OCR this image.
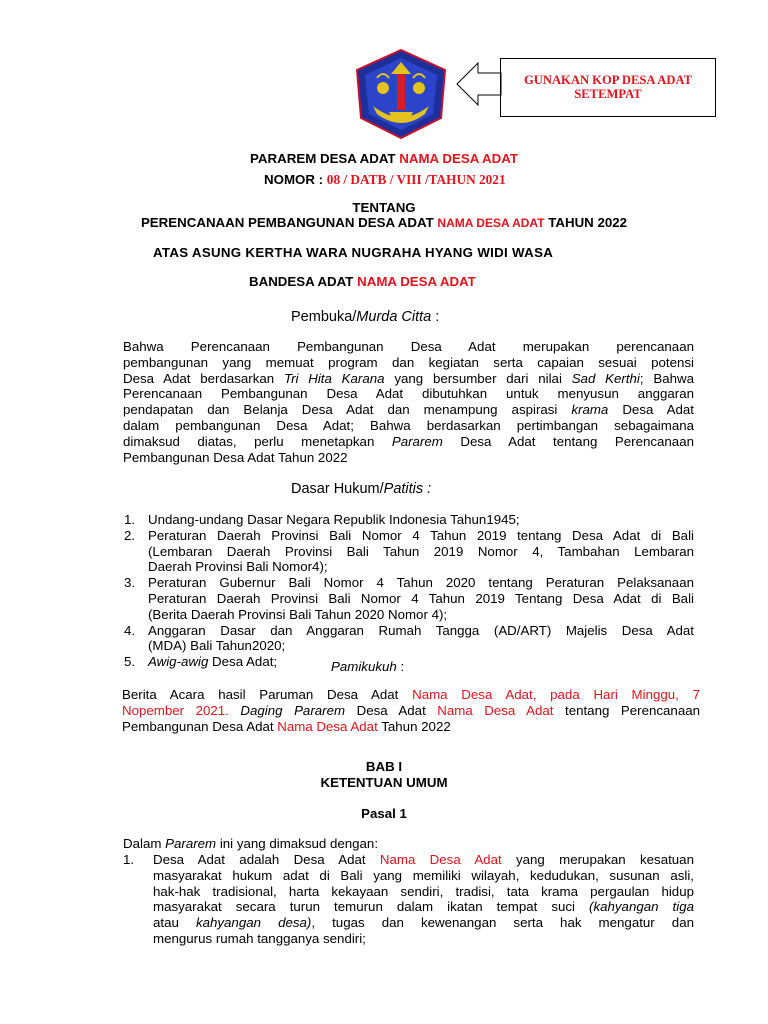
GUNAKAN KOP DESA ADAT
SETEMPAT
PARAREM DESA ADAT NAMA DESA ADAT
NOMOR : 08 / DATB / VIII /TAHUN 2021
TENTANG
PERENCANAAN PEMBANGUNAN DESA ADAT NAMA DESA ADAT TAHUN 2022
ATAS ASUNG KERTHA WARA NUGRAHA HYANG WIDI WASA
BANDESA ADAT NAMA DESA ADAT
Pembuka/Murda Citta :
Bahwa Perencanaan Pembangunan Desa Adat merupakan perencanaan
pembangunan yang memuat program dan kegiatan serta capaian sesuai potensi
Desa Adat berdasarkan Tri Hita Karana yang bersumber dari nilai Sad Kerthi; Bahwa
Perencanaan Pembangunan Desa Adat dibutuhkan untuk menyusun anggaran
pendapatan dan Belanja Desa Adat dan menampung aspirasi krama Desa Adat
dalam pembangunan Desa Adat; Bahwa berdasarkan pertimbangan sebagaimana
dimaksud diatas, perlu menetapkan Pararem Desa Adat tentang Perencanaan
Pembangunan Desa Adat Tahun 2022
Dasar Hukum/Patitis :
1. Undang-undang Dasar Negara Republik Indonesia Tahun1945;
2. Peraturan Daerah Provinsi Bali Nomor 4 Tahun 2019 tentang Desa Adat di Bali
(Lembaran Daerah Provinsi Bali Tahun 2019 Nomor 4, Tambahan Lembaran
Daerah Provinsi Bali Nomor4);
3. Peraturan Gubernur Bali Nomor 4 Tahun 2020 tentang Peraturan Pelaksanaan
Peraturan Daerah Provinsi Bali Nomor 4 Tahun 2019 Tentang Desa Adat di Bali
(Berita Daerah Provinsi Bali Tahun 2020 Nomor 4);
4. Anggaran Dasar dan Anggaran Rumah Tangga (AD/ART) Majelis Desa Adat
(MDA) Bali Tahun2020;
5. Awig-awig Desa Adat;	Pamikukuh :
Berita Acara hasil Paruman Desa Adat Nama Desa Adat, pada Hari Minggu, 7
Nopember 2021. Daging Pararem Desa Adat Nama Desa Adat tentang Perencanaan
Pembangunan Desa Adat Nama Desa Adat Tahun 2022
BAB I
KETENTUAN UMUM
Pasal 1
Dalam Pararem ini yang dimaksud dengan:
1. Desa Adat adalah Desa Adat Nama Desa Adat yang merupakan kesatuan
masyarakat hukum adat di Bali yang memiliki wilayah, kedudukan, susunan asli,
hak-hak tradisional, harta kekayaan sendiri, tradisi, tata krama pergaulan hidup
masyarakat secara turun temurun dalam ikatan tempat suci (kahyangan tiga
atau kahyangan desa), tugas dan kewenangan serta hak mengatur dan
mengurus rumah tangganya sendiri;
